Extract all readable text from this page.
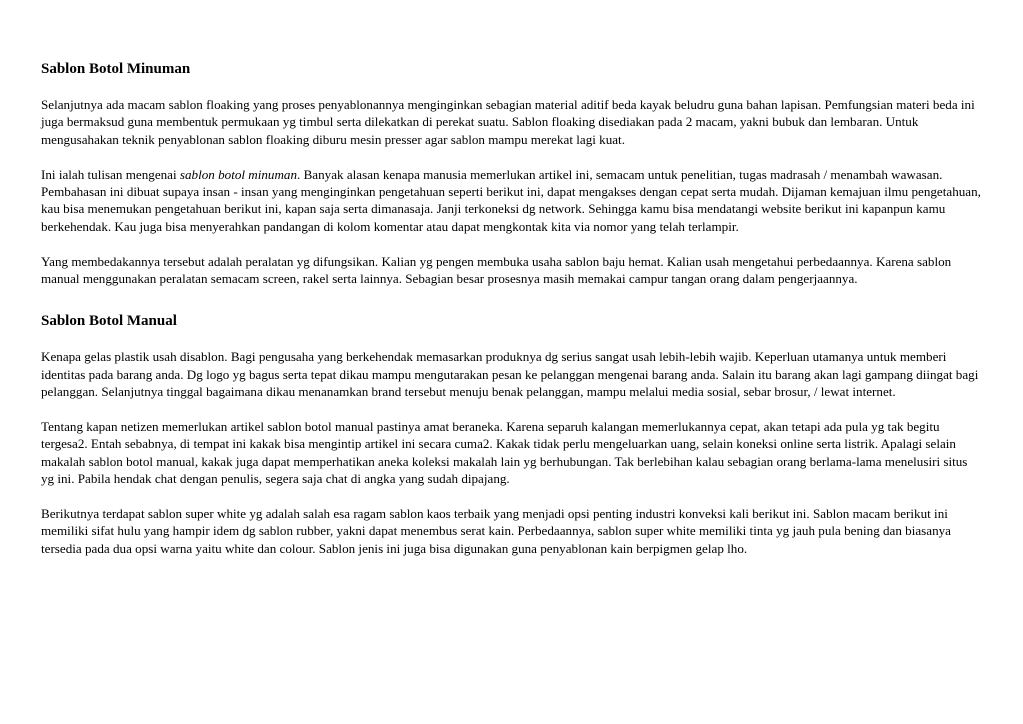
Sablon Botol Minuman

Selanjutnya ada macam sablon floaking yang proses penyablonannya menginginkan sebagian material aditif beda kayak beludru guna bahan lapisan. Pemfungsian materi beda ini juga bermaksud guna membentuk permukaan yg timbul serta dilekatkan di perekat suatu. Sablon floaking disediakan pada 2 macam, yakni bubuk dan lembaran. Untuk mengusahakan teknik penyablonan sablon floaking diburu mesin presser agar sablon mampu merekat lagi kuat.

Ini ialah tulisan mengenai sablon botol minuman. Banyak alasan kenapa manusia memerlukan artikel ini, semacam untuk penelitian, tugas madrasah / menambah wawasan. Pembahasan ini dibuat supaya insan - insan yang menginginkan pengetahuan seperti berikut ini, dapat mengakses dengan cepat serta mudah. Dijaman kemajuan ilmu pengetahuan, kau bisa menemukan pengetahuan berikut ini, kapan saja serta dimanasaja. Janji terkoneksi dg network. Sehingga kamu bisa mendatangi website berikut ini kapanpun kamu berkehendak. Kau juga bisa menyerahkan pandangan di kolom komentar atau dapat mengkontak kita via nomor yang telah terlampir.

Yang membedakannya tersebut adalah peralatan yg difungsikan. Kalian yg pengen membuka usaha sablon baju hemat. Kalian usah mengetahui perbedaannya. Karena sablon manual menggunakan peralatan semacam screen, rakel serta lainnya. Sebagian besar prosesnya masih memakai campur tangan orang dalam pengerjaannya.

Sablon Botol Manual

Kenapa gelas plastik usah disablon. Bagi pengusaha yang berkehendak memasarkan produknya dg serius sangat usah lebih-lebih wajib. Keperluan utamanya untuk memberi identitas pada barang anda. Dg logo yg bagus serta tepat dikau mampu mengutarakan pesan ke pelanggan mengenai barang anda. Salain itu barang akan lagi gampang diingat bagi pelanggan. Selanjutnya tinggal bagaimana dikau menanamkan brand tersebut menuju benak pelanggan, mampu melalui media sosial, sebar brosur, / lewat internet.

Tentang kapan netizen memerlukan artikel sablon botol manual pastinya amat beraneka. Karena separuh kalangan memerlukannya cepat, akan tetapi ada pula yg tak begitu tergesa2. Entah sebabnya, di tempat ini kakak bisa mengintip artikel ini secara cuma2. Kakak tidak perlu mengeluarkan uang, selain koneksi online serta listrik. Apalagi selain makalah sablon botol manual, kakak juga dapat memperhatikan aneka koleksi makalah lain yg berhubungan. Tak berlebihan kalau sebagian orang berlama-lama menelusiri situs yg ini. Pabila hendak chat dengan penulis, segera saja chat di angka yang sudah dipajang.

Berikutnya terdapat sablon super white yg adalah salah esa ragam sablon kaos terbaik yang menjadi opsi penting industri konveksi kali berikut ini. Sablon macam berikut ini memiliki sifat hulu yang hampir idem dg sablon rubber, yakni dapat menembus serat kain. Perbedaannya, sablon super white memiliki tinta yg jauh pula bening dan biasanya tersedia pada dua opsi warna yaitu white dan colour. Sablon jenis ini juga bisa digunakan guna penyablonan kain berpigmen gelap lho.
